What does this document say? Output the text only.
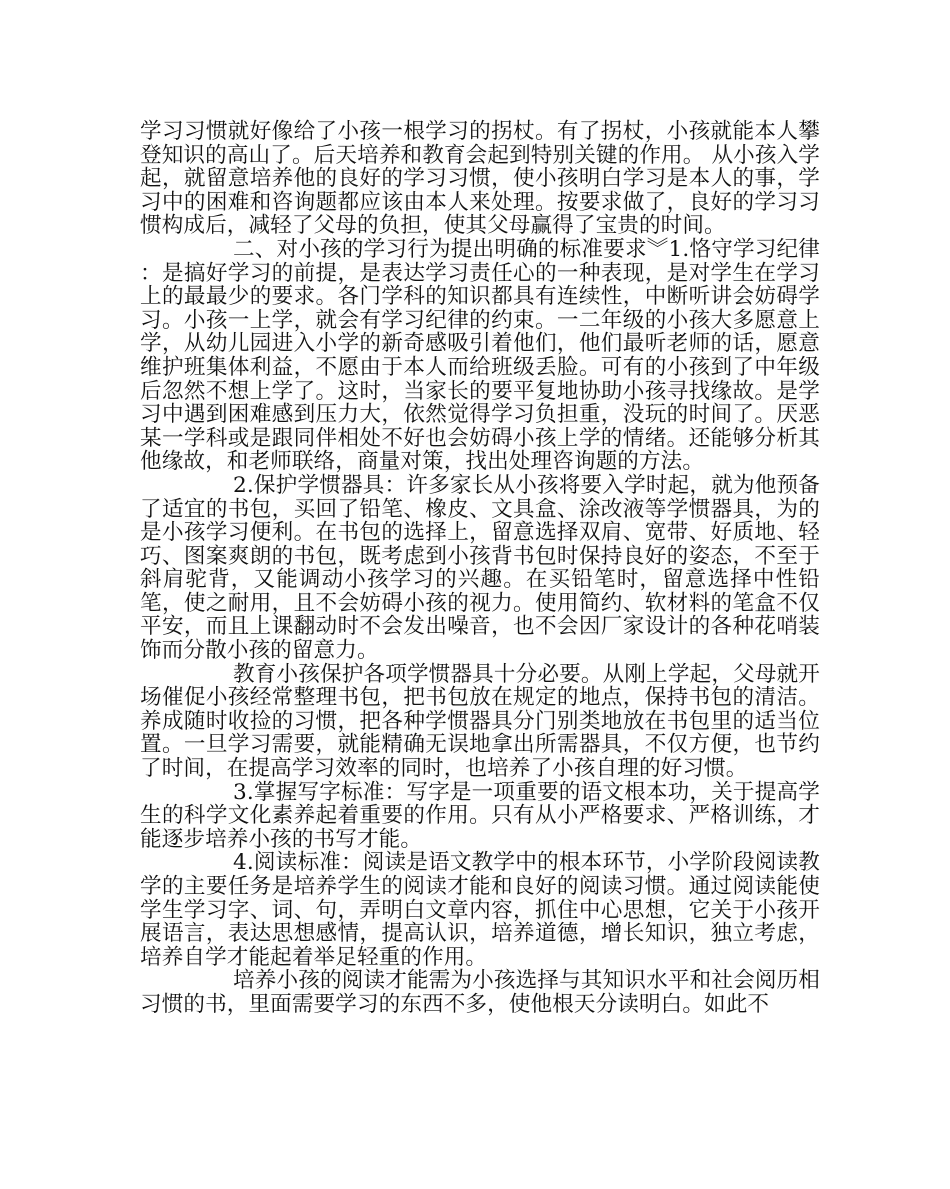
学习习惯就好像给了小孩一根学习的拐杖。有了拐杖，小孩就能本人攀登知识的高山了。后天培养和教育会起到特别关键的作用。 从小孩入学起，就留意培养他的良好的学习习惯，使小孩明白学习是本人的事，学习中的困难和咨询题都应该由本人来处理。按要求做了，良好的学习习惯构成后，减轻了父母的负担，使其父母赢得了宝贵的时间。

二、对小孩的学习行为提出明确的标准要求︾1.恪守学习纪律 ：是搞好学习的前提，是表达学习责任心的一种表现，是对学生在学习上的最最少的要求。各门学科的知识都具有连续性，中断听讲会妨碍学习。小孩一上学，就会有学习纪律的约束。一二年级的小孩大多愿意上学，从幼儿园进入小学的新奇感吸引着他们，他们最听老师的话，愿意维护班集体利益，不愿由于本人而给班级丢脸。可有的小孩到了中年级后忽然不想上学了。这时，当家长的要平复地协助小孩寻找缘故。是学习中遇到困难感到压力大，依然觉得学习负担重，没玩的时间了。厌恶某一学科或是跟同伴相处不好也会妨碍小孩上学的情绪。还能够分析其他缘故，和老师联络，商量对策，找出处理咨询题的方法。

2.保护学惯器具：许多家长从小孩将要入学时起，就为他预备了适宜的书包，买回了铅笔、橡皮、文具盒、涂改液等学惯器具，为的是小孩学习便利。在书包的选择上，留意选择双肩、宽带、好质地、轻巧、图案爽朗的书包，既考虑到小孩背书包时保持良好的姿态，不至于斜肩驼背，又能调动小孩学习的兴趣。在买铅笔时，留意选择中性铅笔，使之耐用，且不会妨碍小孩的视力。使用简约、软材料的笔盒不仅平安，而且上课翻动时不会发出噪音，也不会因厂家设计的各种花哨装饰而分散小孩的留意力。

教育小孩保护各项学惯器具十分必要。从刚上学起，父母就开场催促小孩经常整理书包，把书包放在规定的地点，保持书包的清洁。养成随时收捡的习惯，把各种学惯器具分门别类地放在书包里的适当位置。一旦学习需要，就能精确无误地拿出所需器具，不仅方便，也节约了时间，在提高学习效率的同时，也培养了小孩自理的好习惯。

3.掌握写字标准：写字是一项重要的语文根本功，关于提高学生的科学文化素养起着重要的作用。只有从小严格要求、严格训练，才能逐步培养小孩的书写才能。

4.阅读标准：阅读是语文教学中的根本环节，小学阶段阅读教学的主要任务是培养学生的阅读才能和良好的阅读习惯。通过阅读能使学生学习字、词、句，弄明白文章内容，抓住中心思想，它关于小孩开展语言，表达思想感情，提高认识，培养道德，增长知识，独立考虑，培养自学才能起着举足轻重的作用。

培养小孩的阅读才能需为小孩选择与其知识水平和社会阅历相习惯的书，里面需要学习的东西不多，使他根天分读明白。如此不
